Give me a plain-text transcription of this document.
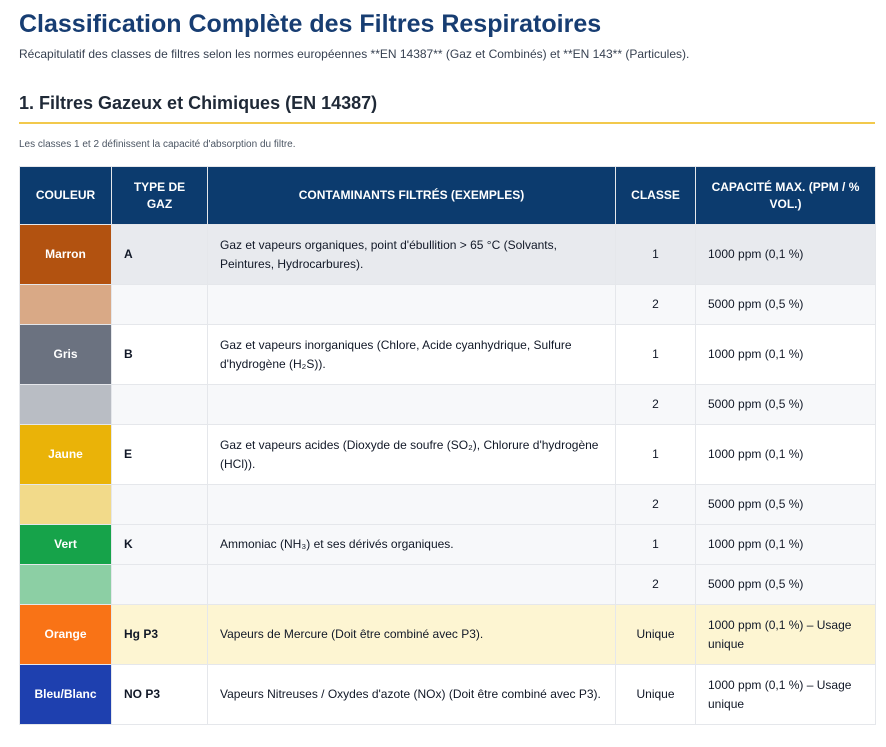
Classification Complète des Filtres Respiratoires
Récapitulatif des classes de filtres selon les normes européennes **EN 14387** (Gaz et Combinés) et **EN 143** (Particules).
1. Filtres Gazeux et Chimiques (EN 14387)
Les classes 1 et 2 définissent la capacité d'absorption du filtre.
COULEUR	TYPE DE GAZ	CONTAMINANTS FILTRÉS (EXEMPLES)	CLASSE	CAPACITÉ MAX. (PPM / % VOL.)
Marron	A	Gaz et vapeurs organiques, point d'ébullition > 65 °C (Solvants, Peintures, Hydrocarbures).	1	1000 ppm (0,1 %)
			2	5000 ppm (0,5 %)
Gris	B	Gaz et vapeurs inorganiques (Chlore, Acide cyanhydrique, Sulfure d'hydrogène (H₂S)).	1	1000 ppm (0,1 %)
			2	5000 ppm (0,5 %)
Jaune	E	Gaz et vapeurs acides (Dioxyde de soufre (SO₂), Chlorure d'hydrogène (HCl)).	1	1000 ppm (0,1 %)
			2	5000 ppm (0,5 %)
Vert	K	Ammoniac (NH₃) et ses dérivés organiques.	1	1000 ppm (0,1 %)
			2	5000 ppm (0,5 %)
Orange	Hg P3	Vapeurs de Mercure (Doit être combiné avec P3).	Unique	1000 ppm (0,1 %) – Usage unique
Bleu/Blanc	NO P3	Vapeurs Nitreuses / Oxydes d'azote (NOx) (Doit être combiné avec P3).	Unique	1000 ppm (0,1 %) – Usage unique
